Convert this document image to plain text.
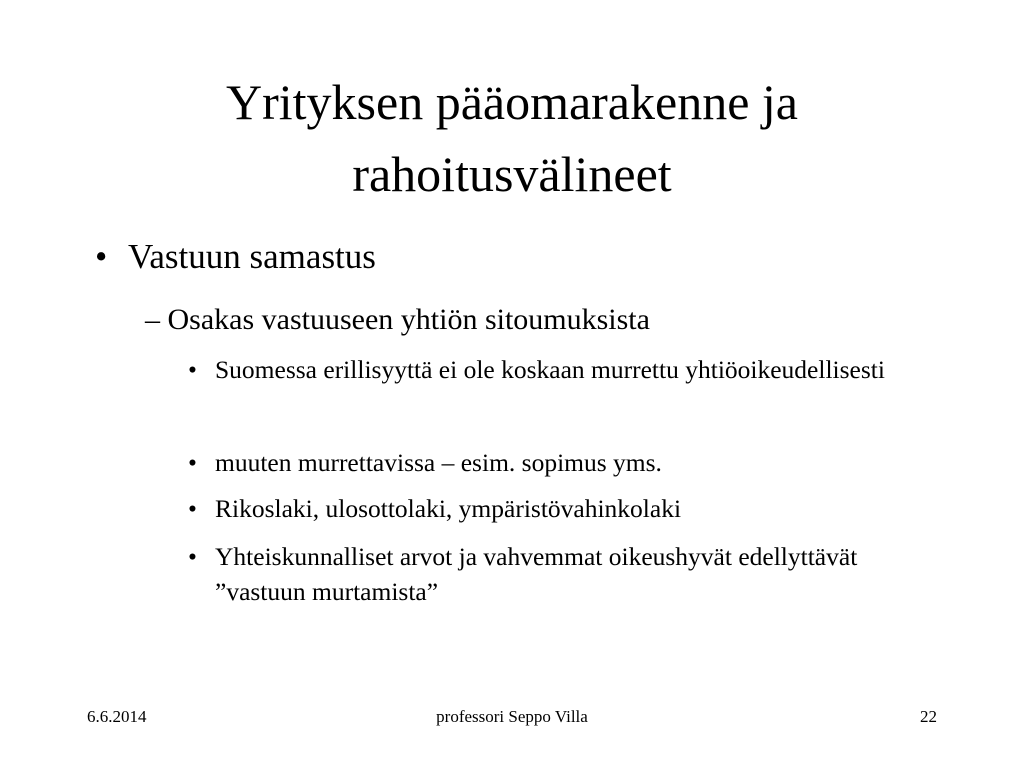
Yrityksen pääomarakenne ja
rahoitusvälineet
• Vastuun samastus
– Osakas vastuuseen yhtiön sitoumuksista
• Suomessa erillisyyttä ei ole koskaan murrettu yhtiöoikeudellisesti
• muuten murrettavissa – esim. sopimus yms.
• Rikoslaki, ulosottolaki, ympäristövahinkolaki
• Yhteiskunnalliset arvot ja vahvemmat oikeushyvät edellyttävät ”vastuun murtamista”
6.6.2014	professori Seppo Villa	22
